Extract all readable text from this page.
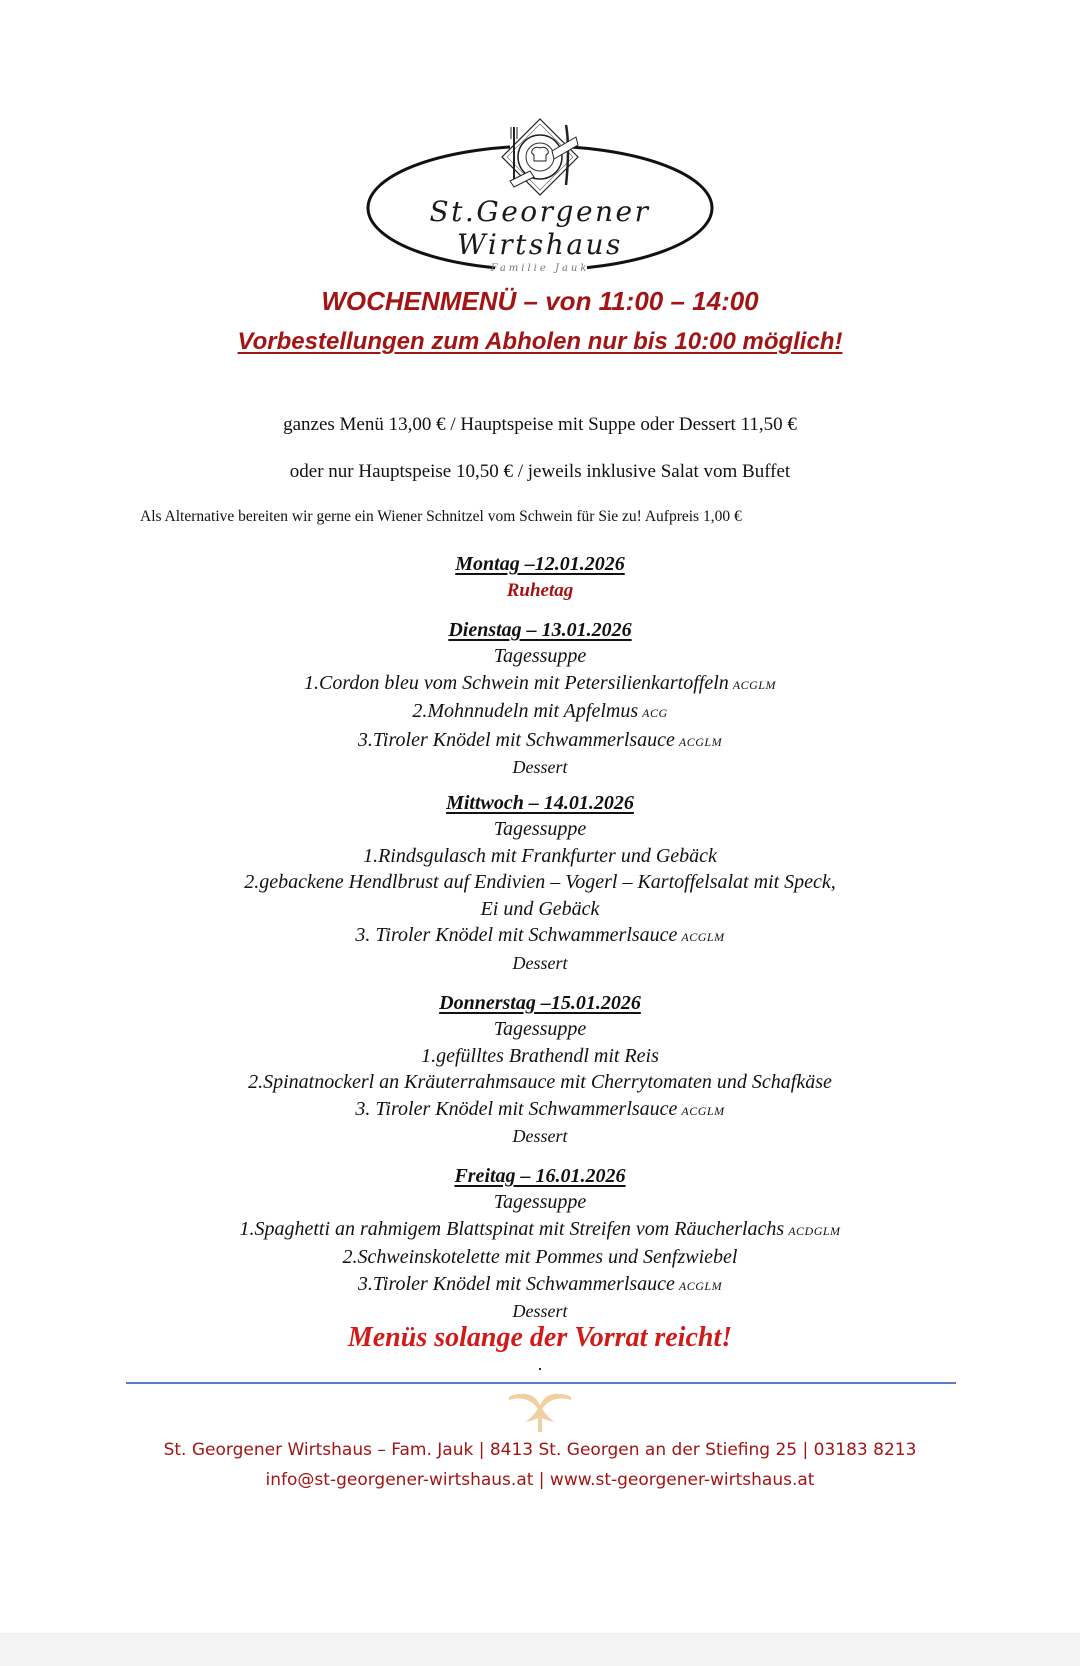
St.Georgener Wirtshaus
Familie Jauk
WOCHENMENÜ – von 11:00 – 14:00
Vorbestellungen zum Abholen nur bis 10:00 möglich!
ganzes Menü 13,00 € / Hauptspeise mit Suppe oder Dessert 11,50 €
oder nur Hauptspeise 10,50 € / jeweils inklusive Salat vom Buffet
Als Alternative bereiten wir gerne ein Wiener Schnitzel vom Schwein für Sie zu! Aufpreis 1,00 €
Montag –12.01.2026
Ruhetag
Dienstag – 13.01.2026
Tagessuppe
1.Cordon bleu vom Schwein mit Petersilienkartoffeln ACGLM
2.Mohnnudeln mit Apfelmus ACG
3.Tiroler Knödel mit Schwammerlsauce ACGLM
Dessert
Mittwoch – 14.01.2026
Tagessuppe
1.Rindsgulasch mit Frankfurter und Gebäck
2.gebackene Hendlbrust auf Endivien – Vogerl – Kartoffelsalat mit Speck,
Ei und Gebäck
3. Tiroler Knödel mit Schwammerlsauce ACGLM
Dessert
Donnerstag –15.01.2026
Tagessuppe
1.gefülltes Brathendl mit Reis
2.Spinatnockerl an Kräuterrahmsauce mit Cherrytomaten und Schafkäse
3. Tiroler Knödel mit Schwammerlsauce ACGLM
Dessert
Freitag – 16.01.2026
Tagessuppe
1.Spaghetti an rahmigem Blattspinat mit Streifen vom Räucherlachs ACDGLM
2.Schweinskotelette mit Pommes und Senfzwiebel
3.Tiroler Knödel mit Schwammerlsauce ACGLM
Dessert
Menüs solange der Vorrat reicht!
St. Georgener Wirtshaus – Fam. Jauk | 8413 St. Georgen an der Stiefing 25 | 03183 8213
info@st-georgener-wirtshaus.at | www.st-georgener-wirtshaus.at
